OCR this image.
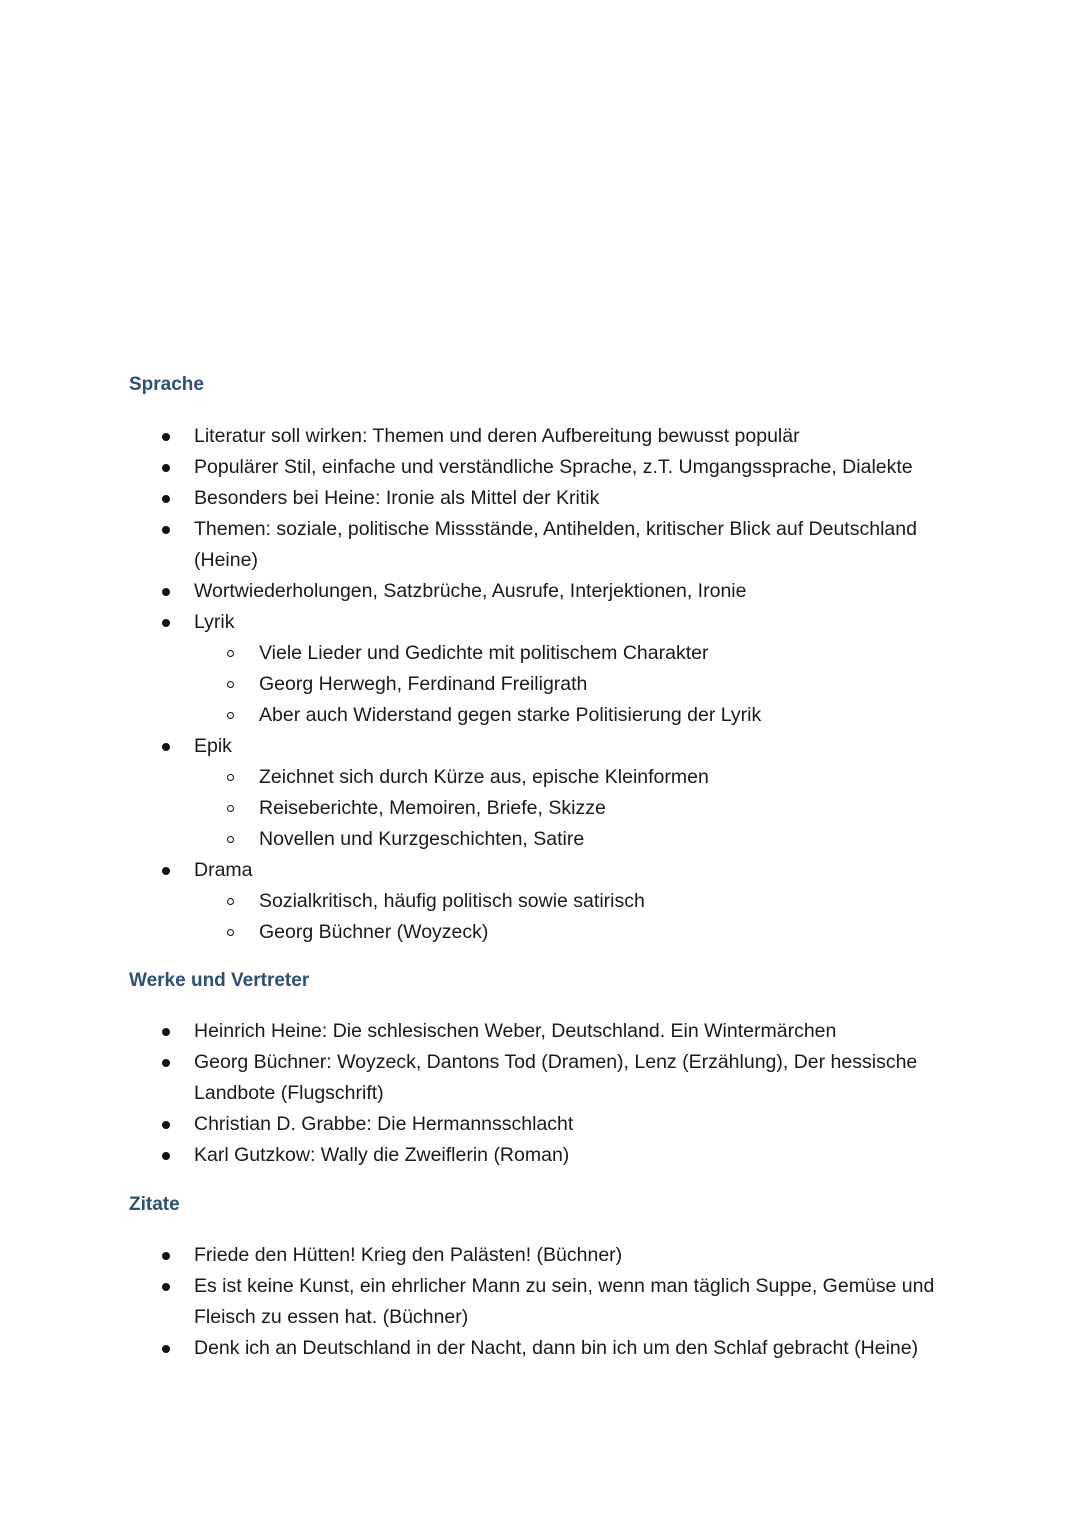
Sprache
Literatur soll wirken: Themen und deren Aufbereitung bewusst populär
Populärer Stil, einfache und verständliche Sprache, z.T. Umgangssprache, Dialekte
Besonders bei Heine: Ironie als Mittel der Kritik
Themen: soziale, politische Missstände, Antihelden, kritischer Blick auf Deutschland (Heine)
Wortwiederholungen, Satzbrüche, Ausrufe, Interjektionen, Ironie
Lyrik
Viele Lieder und Gedichte mit politischem Charakter
Georg Herwegh, Ferdinand Freiligrath
Aber auch Widerstand gegen starke Politisierung der Lyrik
Epik
Zeichnet sich durch Kürze aus, epische Kleinformen
Reiseberichte, Memoiren, Briefe, Skizze
Novellen und Kurzgeschichten, Satire
Drama
Sozialkritisch, häufig politisch sowie satirisch
Georg Büchner (Woyzeck)
Werke und Vertreter
Heinrich Heine: Die schlesischen Weber, Deutschland. Ein Wintermärchen
Georg Büchner: Woyzeck, Dantons Tod (Dramen), Lenz (Erzählung), Der hessische Landbote (Flugschrift)
Christian D. Grabbe: Die Hermannsschlacht
Karl Gutzkow: Wally die Zweiflerin (Roman)
Zitate
Friede den Hütten! Krieg den Palästen! (Büchner)
Es ist keine Kunst, ein ehrlicher Mann zu sein, wenn man täglich Suppe, Gemüse und Fleisch zu essen hat. (Büchner)
Denk ich an Deutschland in der Nacht, dann bin ich um den Schlaf gebracht (Heine)
